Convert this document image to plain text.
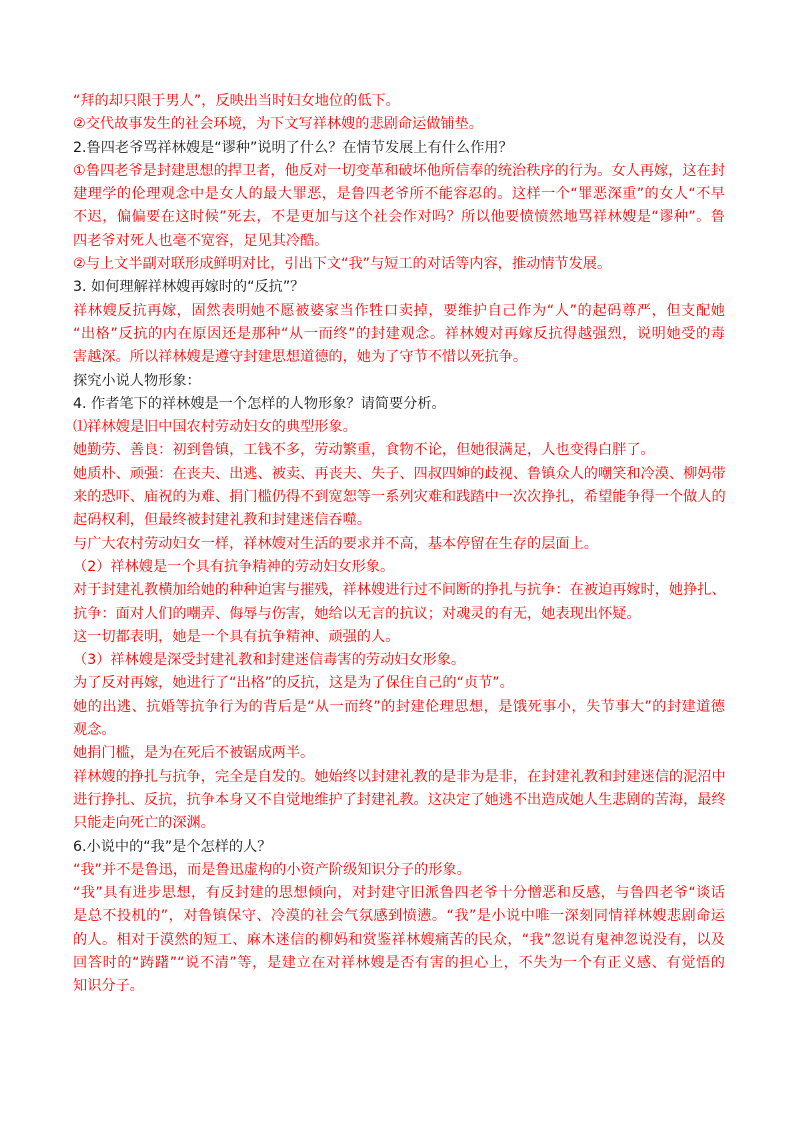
“拜的却只限于男人”，反映出当时妇女地位的低下。
②交代故事发生的社会环境，为下文写祥林嫂的悲剧命运做铺垫。
2.鲁四老爷骂祥林嫂是“谬种”说明了什么？在情节发展上有什么作用？
①鲁四老爷是封建思想的捍卫者，他反对一切变革和破坏他所信奉的统治秩序的行为。女人再嫁，这在封
建理学的伦理观念中是女人的最大罪恶，是鲁四老爷所不能容忍的。这样一个“罪恶深重”的女人“不早
不迟，偏偏要在这时候”死去，不是更加与这个社会作对吗？所以他要愤愤然地骂祥林嫂是“谬种”。鲁
四老爷对死人也毫不宽容，足见其冷酷。
②与上文半副对联形成鲜明对比，引出下文“我”与短工的对话等内容，推动情节发展。
3. 如何理解祥林嫂再嫁时的“反抗”？
祥林嫂反抗再嫁，固然表明她不愿被婆家当作牲口卖掉，要维护自己作为“人”的起码尊严，但支配她
“出格”反抗的内在原因还是那种“从一而终”的封建观念。祥林嫂对再嫁反抗得越强烈，说明她受的毒
害越深。所以祥林嫂是遵守封建思想道德的，她为了守节不惜以死抗争。
探究小说人物形象：
4. 作者笔下的祥林嫂是一个怎样的人物形象？请简要分析。
⑴祥林嫂是旧中国农村劳动妇女的典型形象。
她勤劳、善良：初到鲁镇，工钱不多，劳动繁重，食物不论，但她很满足，人也变得白胖了。
她质朴、顽强：在丧夫、出逃、被卖、再丧夫、失子、四叔四婶的歧视、鲁镇众人的嘲笑和冷漠、柳妈带
来的恐吓、庙祝的为难、捐门槛仍得不到宽恕等一系列灾难和践踏中一次次挣扎，希望能争得一个做人的
起码权利，但最终被封建礼教和封建迷信吞噬。
与广大农村劳动妇女一样，祥林嫂对生活的要求并不高，基本停留在生存的层面上。
（2）祥林嫂是一个具有抗争精神的劳动妇女形象。
对于封建礼教横加给她的种种迫害与摧残，祥林嫂进行过不间断的挣扎与抗争：在被迫再嫁时，她挣扎、
抗争：面对人们的嘲弄、侮辱与伤害，她给以无言的抗议；对魂灵的有无，她表现出怀疑。
这一切都表明，她是一个具有抗争精神、顽强的人。
（3）祥林嫂是深受封建礼教和封建迷信毒害的劳动妇女形象。
为了反对再嫁，她进行了“出格”的反抗，这是为了保住自己的“贞节”。
她的出逃、抗婚等抗争行为的背后是“从一而终”的封建伦理思想，是饿死事小，失节事大”的封建道德
观念。
她捐门槛，是为在死后不被锯成两半。
祥林嫂的挣扎与抗争，完全是自发的。她始终以封建礼教的是非为是非，在封建礼教和封建迷信的泥沼中
进行挣扎、反抗，抗争本身又不自觉地维护了封建礼教。这决定了她逃不出造成她人生悲剧的苦海，最终
只能走向死亡的深渊。
6.小说中的“我”是个怎样的人？
“我”并不是鲁迅，而是鲁迅虚构的小资产阶级知识分子的形象。
“我”具有进步思想，有反封建的思想倾向，对封建守旧派鲁四老爷十分憎恶和反感，与鲁四老爷“谈话
是总不投机的”，对鲁镇保守、冷漠的社会气氛感到愤懑。“我”是小说中唯一深刻同情祥林嫂悲剧命运
的人。相对于漠然的短工、麻木迷信的柳妈和赏鉴祥林嫂痛苦的民众，“我”忽说有鬼神忽说没有，以及
回答时的“踌躇”“说不清”等，是建立在对祥林嫂是否有害的担心上，不失为一个有正义感、有觉悟的
知识分子。
